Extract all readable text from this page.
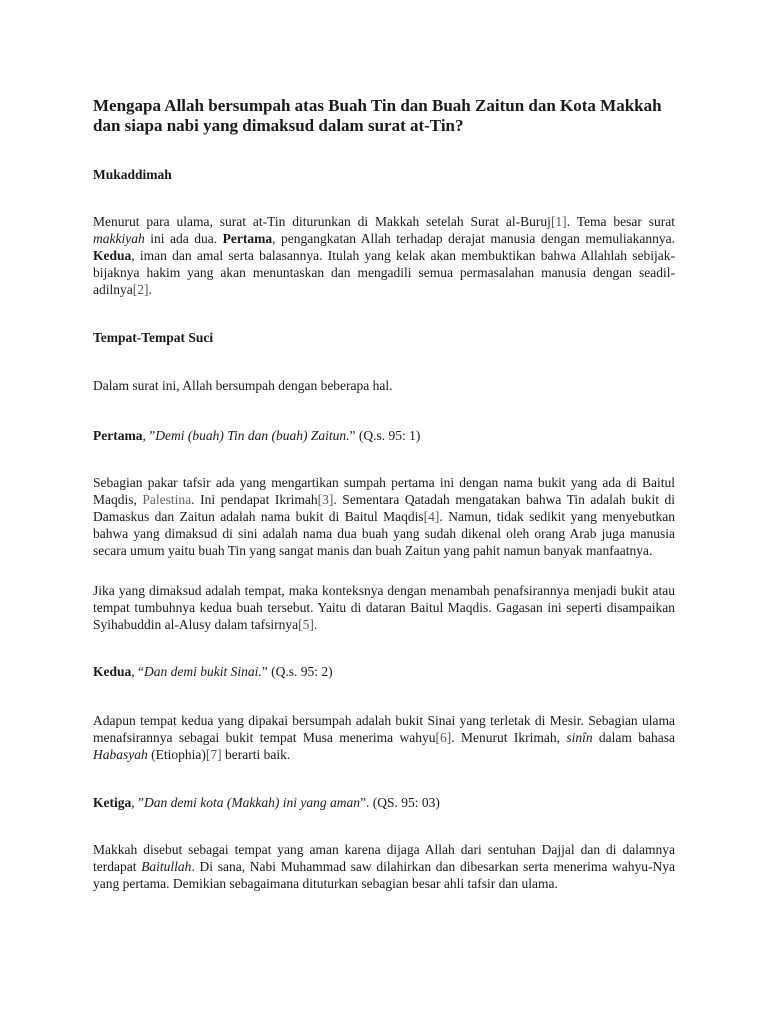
Mengapa Allah bersumpah atas Buah Tin dan Buah Zaitun dan Kota Makkah dan siapa nabi yang dimaksud dalam surat at-Tin?
Mukaddimah

Menurut para ulama, surat at-Tin diturunkan di Makkah setelah Surat al-Buruj[1]. Tema besar surat makkiyah ini ada dua. Pertama, pengangkatan Allah terhadap derajat manusia dengan memuliakannya. Kedua, iman dan amal serta balasannya. Itulah yang kelak akan membuktikan bahwa Allahlah sebijak-bijaknya hakim yang akan menuntaskan dan mengadili semua permasalahan manusia dengan seadil-adilnya[2].

Tempat-Tempat Suci

Dalam surat ini, Allah bersumpah dengan beberapa hal.

Pertama, ”Demi (buah) Tin dan (buah) Zaitun.” (Q.s. 95: 1)

Sebagian pakar tafsir ada yang mengartikan sumpah pertama ini dengan nama bukit yang ada di Baitul Maqdis, Palestina. Ini pendapat Ikrimah[3]. Sementara Qatadah mengatakan bahwa Tin adalah bukit di Damaskus dan Zaitun adalah nama bukit di Baitul Maqdis[4]. Namun, tidak sedikit yang menyebutkan bahwa yang dimaksud di sini adalah nama dua buah yang sudah dikenal oleh orang Arab juga manusia secara umum yaitu buah Tin yang sangat manis dan buah Zaitun yang pahit namun banyak manfaatnya.

Jika yang dimaksud adalah tempat, maka konteksnya dengan menambah penafsirannya menjadi bukit atau tempat tumbuhnya kedua buah tersebut. Yaitu di dataran Baitul Maqdis. Gagasan ini seperti disampaikan Syihabuddin al-Alusy dalam tafsirnya[5].

Kedua, “Dan demi bukit Sinai.” (Q.s. 95: 2)

Adapun tempat kedua yang dipakai bersumpah adalah bukit Sinai yang terletak di Mesir. Sebagian ulama menafsirannya sebagai bukit tempat Musa menerima wahyu[6]. Menurut Ikrimah, sinîn dalam bahasa Habasyah (Etiophia)[7] berarti baik.

Ketiga, ”Dan demi kota (Makkah) ini yang aman”. (QS. 95: 03)

Makkah disebut sebagai tempat yang aman karena dijaga Allah dari sentuhan Dajjal dan di dalamnya terdapat Baitullah. Di sana, Nabi Muhammad saw dilahirkan dan dibesarkan serta menerima wahyu-Nya yang pertama. Demikian sebagaimana dituturkan sebagian besar ahli tafsir dan ulama.
